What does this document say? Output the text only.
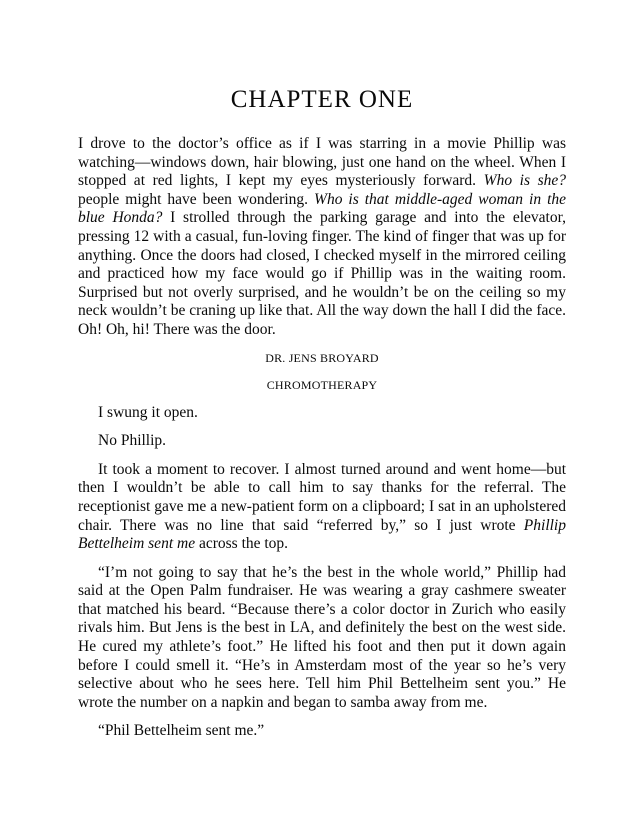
CHAPTER ONE

I drove to the doctor’s office as if I was starring in a movie Phillip was watching—windows down, hair blowing, just one hand on the wheel. When I stopped at red lights, I kept my eyes mysteriously forward. Who is she? people might have been wondering. Who is that middle-aged woman in the blue Honda? I strolled through the parking garage and into the elevator, pressing 12 with a casual, fun-loving finger. The kind of finger that was up for anything. Once the doors had closed, I checked myself in the mirrored ceiling and practiced how my face would go if Phillip was in the waiting room. Surprised but not overly surprised, and he wouldn’t be on the ceiling so my neck wouldn’t be craning up like that. All the way down the hall I did the face. Oh! Oh, hi! There was the door.

DR. JENS BROYARD

CHROMOTHERAPY

I swung it open.

No Phillip.

It took a moment to recover. I almost turned around and went home—but then I wouldn’t be able to call him to say thanks for the referral. The receptionist gave me a new-patient form on a clipboard; I sat in an upholstered chair. There was no line that said “referred by,” so I just wrote Phillip Bettelheim sent me across the top.

“I’m not going to say that he’s the best in the whole world,” Phillip had said at the Open Palm fundraiser. He was wearing a gray cashmere sweater that matched his beard. “Because there’s a color doctor in Zurich who easily rivals him. But Jens is the best in LA, and definitely the best on the west side. He cured my athlete’s foot.” He lifted his foot and then put it down again before I could smell it. “He’s in Amsterdam most of the year so he’s very selective about who he sees here. Tell him Phil Bettelheim sent you.” He wrote the number on a napkin and began to samba away from me.

“Phil Bettelheim sent me.”
